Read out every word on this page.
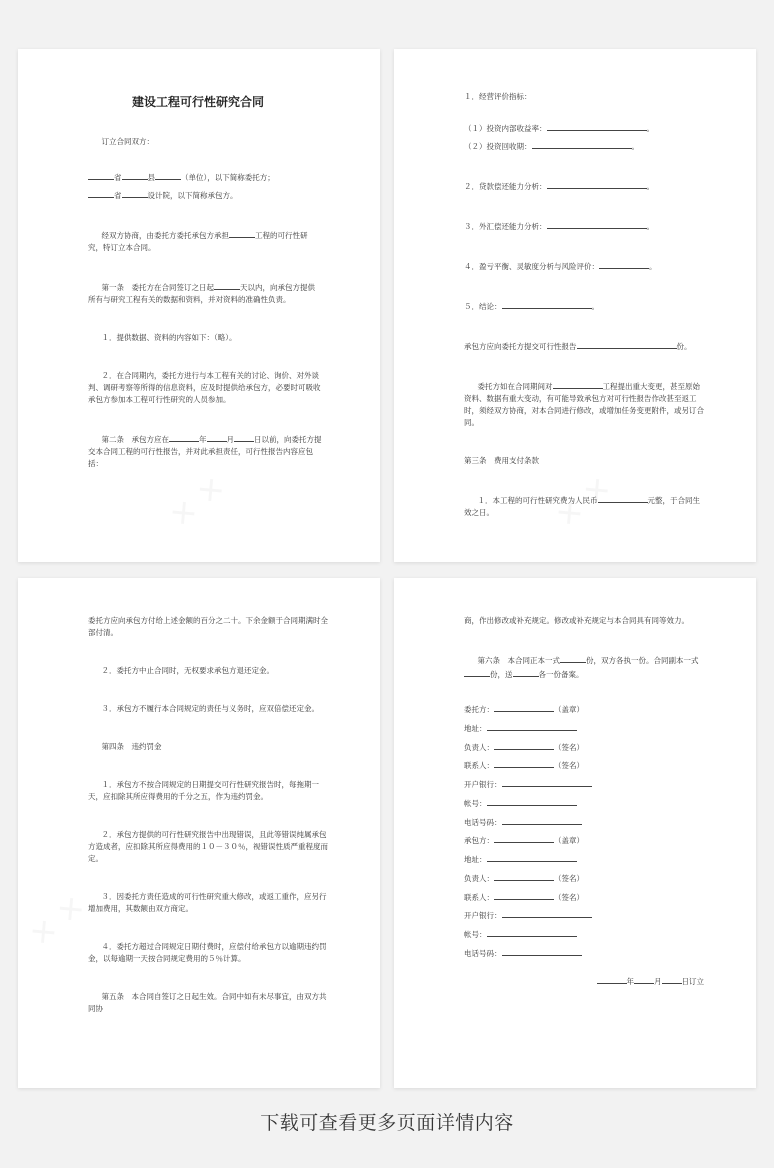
建设工程可行性研究合同

订立合同双方：

省	县	（单位），以下简称委托方；

省	设计院，以下简称承包方。

经双方协商，由委托方委托承包方承担	工程的可行性研究，特订立本合同。

第一条　委托方在合同签订之日起	天以内，向承包方提供所有与研究工程有关的数据和资料，并对资料的准确性负责。

１．提供数据、资料的内容如下：（略）。

２．在合同期内，委托方进行与本工程有关的讨论、询价、对外谈判、调研考察等所得的信息资料，应及时提供给承包方，必要时可吸收承包方参加本工程可行性研究的人员参加。

第二条　承包方应在	年	月	日以前，向委托方提交本合同工程的可行性报告，并对此承担责任，可行性报告内容应包括：

１．经营评价指标：

（１）投资内部收益率：	。

（２）投资回收期：	。

２．贷款偿还能力分析：	。

３．外汇偿还能力分析：	。

４．盈亏平衡、灵敏度分析与风险评价：	。

５．结论：	。

承包方应向委托方提交可行性报告	份。

委托方如在合同期间对	工程提出重大变更，甚至原始资料、数据有重大变动，有可能导致承包方对可行性报告作改甚至返工时，须经双方协商，对本合同进行修改，或增加任务变更附件，或另订合同。

第三条　费用支付条款

１．本工程的可行性研究费为人民币	元整，于合同生效之日。

委托方应向承包方付给上述金额的百分之二十。下余金额于合同期满时全部付清。

２．委托方中止合同时，无权要求承包方退还定金。

３．承包方不履行本合同规定的责任与义务时，应双倍偿还定金。

第四条　违约罚金

１．承包方不按合同规定的日期提交可行性研究报告时，每拖期一天，应扣除其所应得费用的千分之五，作为违约罚金。

２．承包方提供的可行性研究报告中出现错误，且此等错误纯属承包方造成者，应扣除其所应得费用的１０－３０％，视错误性质严重程度而定。

３．因委托方责任造成的可行性研究重大修改，或返工重作，应另行增加费用，其数额由双方商定。

４．委托方超过合同规定日期付费时，应偿付给承包方以逾期违约罚金，以每逾期一天按合同规定费用的５％计算。

第五条　本合同自签订之日起生效。合同中如有未尽事宜，由双方共同协

商，作出修改或补充规定。修改或补充规定与本合同具有同等效力。

第六条　本合同正本一式	份，双方各执一份。合同副本一式份，送	各一份备案。

委托方：	（盖章）

地址：

负责人：	（签名）

联系人：	（签名）

开户银行：

帐号：

电话号码：

承包方：	（盖章）

地址：

负责人：	（签名）

联系人：	（签名）

开户银行：

帐号：

电话号码：

年	月	日订立

下载可查看更多页面详情内容
